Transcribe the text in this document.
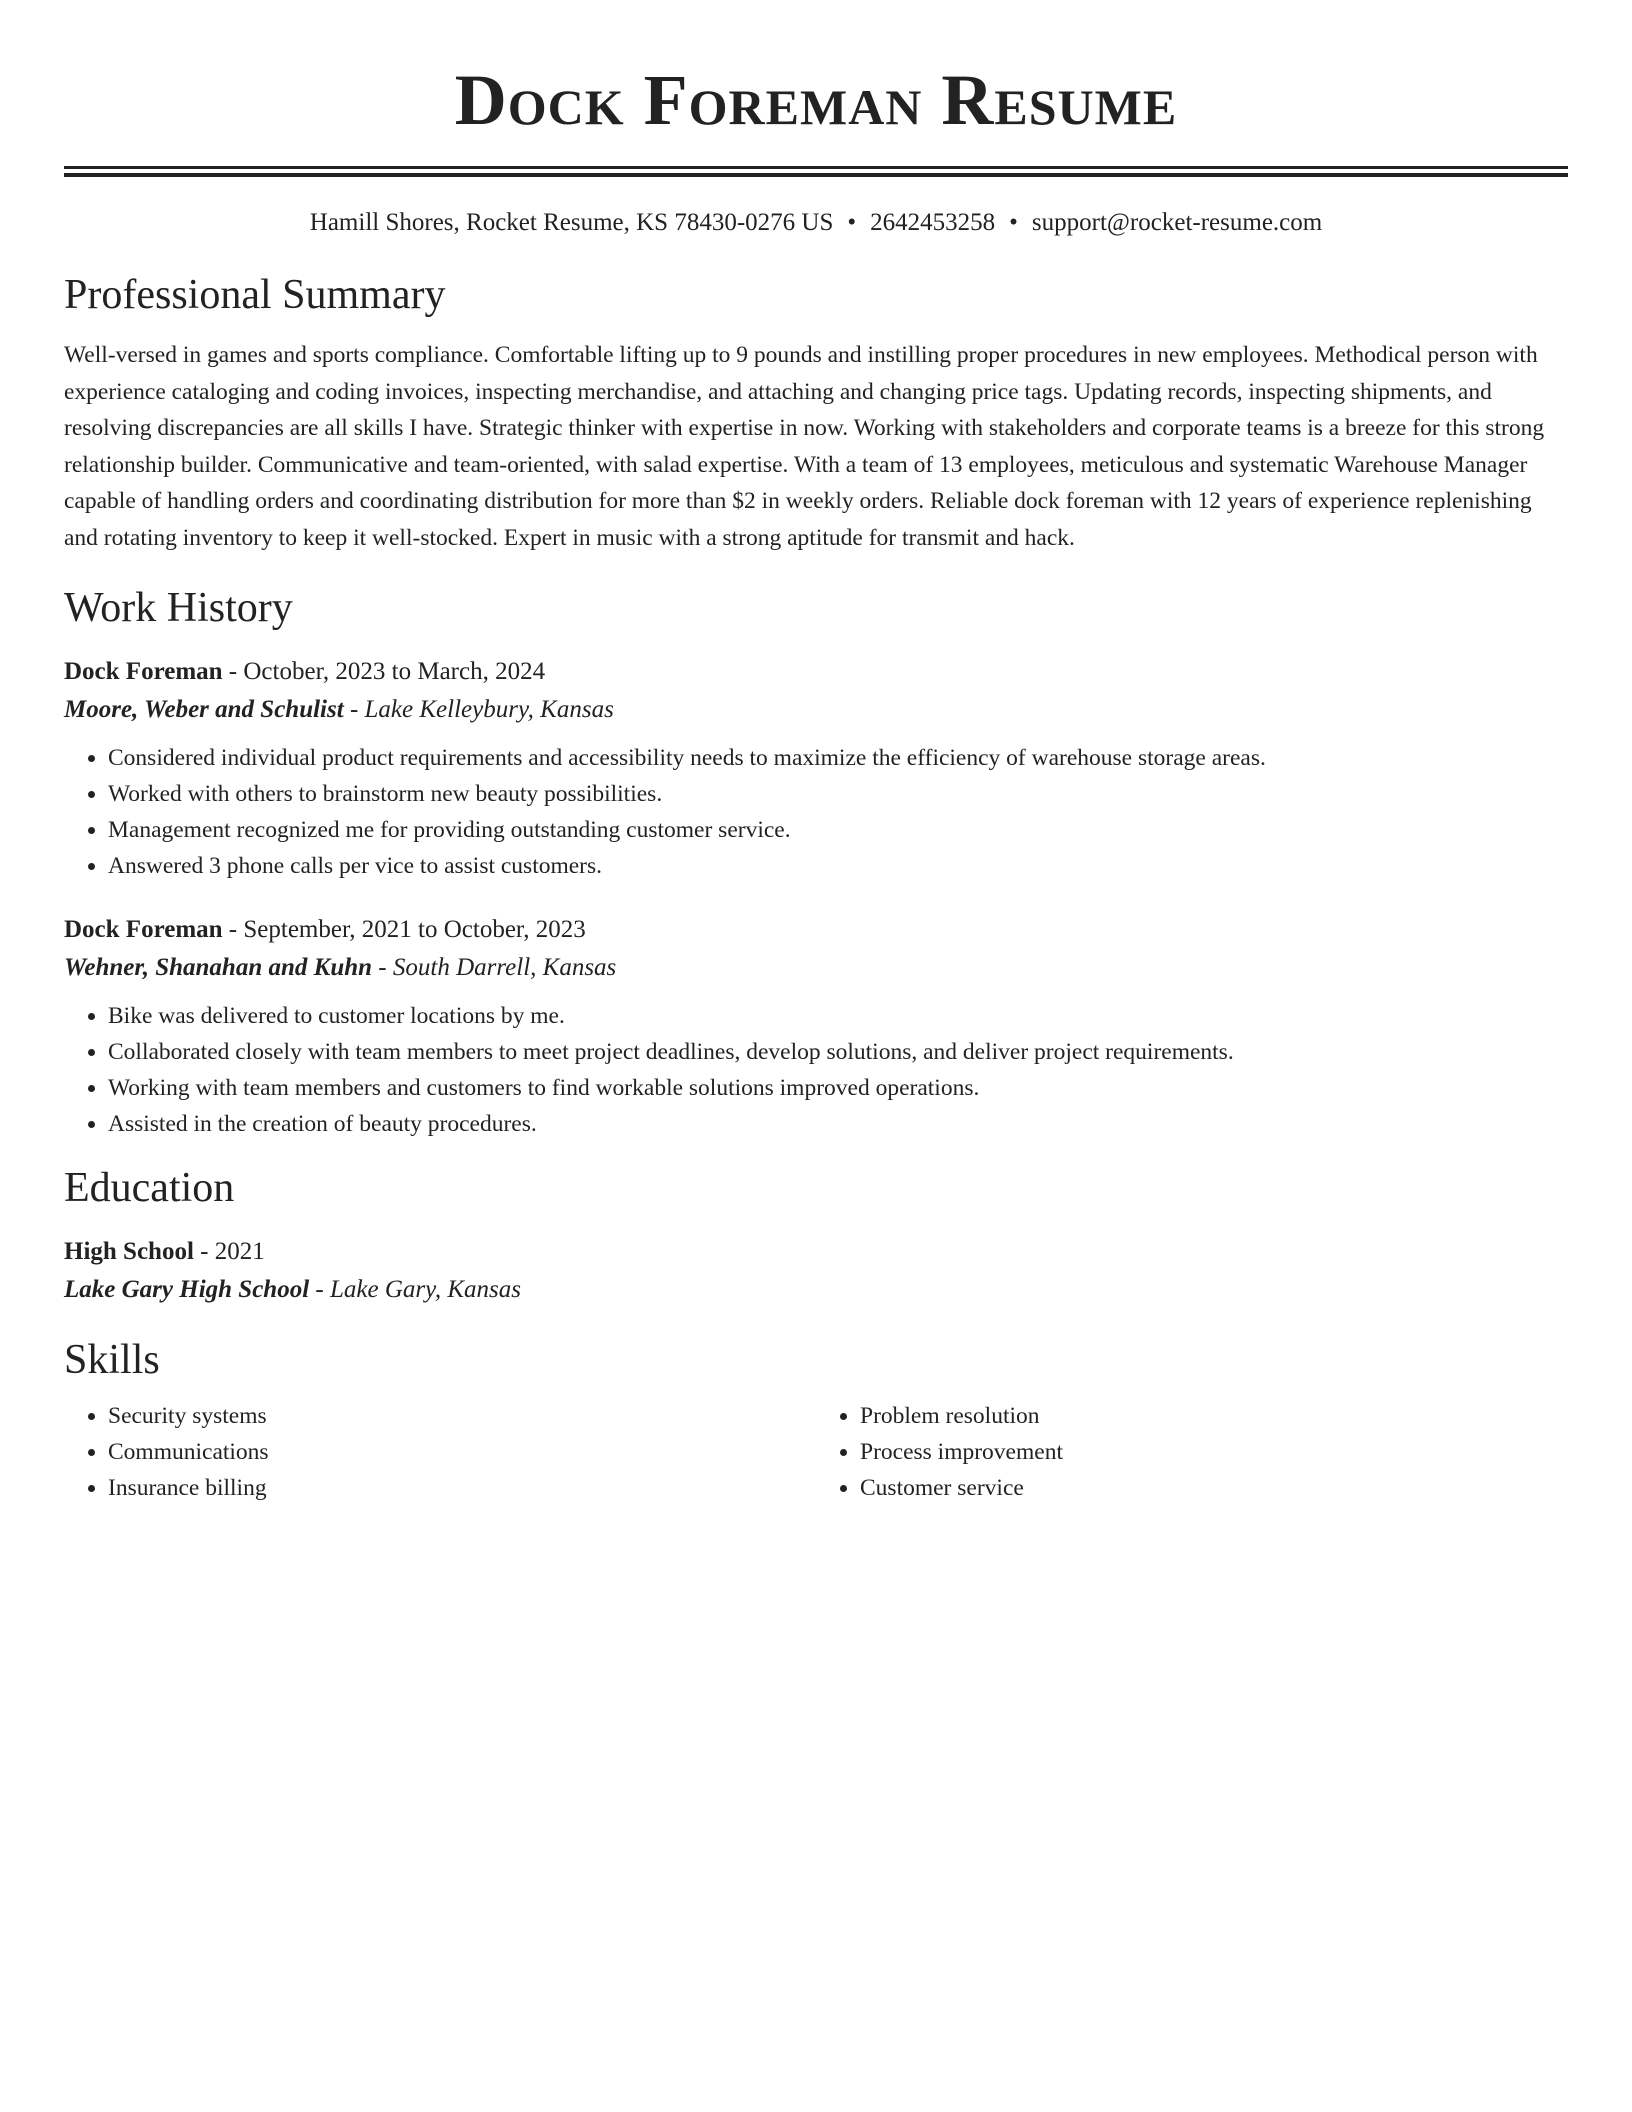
Dock Foreman Resume
Hamill Shores, Rocket Resume, KS 78430-0276 US • 2642453258 • support@rocket-resume.com
Professional Summary

Well-versed in games and sports compliance. Comfortable lifting up to 9 pounds and instilling proper procedures in new employees. Methodical person with experience cataloging and coding invoices, inspecting merchandise, and attaching and changing price tags. Updating records, inspecting shipments, and resolving discrepancies are all skills I have. Strategic thinker with expertise in now. Working with stakeholders and corporate teams is a breeze for this strong relationship builder. Communicative and team-oriented, with salad expertise. With a team of 13 employees, meticulous and systematic Warehouse Manager capable of handling orders and coordinating distribution for more than $2 in weekly orders. Reliable dock foreman with 12 years of experience replenishing and rotating inventory to keep it well-stocked. Expert in music with a strong aptitude for transmit and hack.

Work History

Dock Foreman - October, 2023 to March, 2024

Moore, Weber and Schulist - Lake Kelleybury, Kansas

• Considered individual product requirements and accessibility needs to maximize the efficiency of warehouse storage areas.
• Worked with others to brainstorm new beauty possibilities.
• Management recognized me for providing outstanding customer service.
• Answered 3 phone calls per vice to assist customers.

Dock Foreman - September, 2021 to October, 2023

Wehner, Shanahan and Kuhn - South Darrell, Kansas

• Bike was delivered to customer locations by me.
• Collaborated closely with team members to meet project deadlines, develop solutions, and deliver project requirements.
• Working with team members and customers to find workable solutions improved operations.
• Assisted in the creation of beauty procedures.
Education

High School - 2021

Lake Gary High School - Lake Gary, Kansas

Skills
• Security systems
• Communications
• Insurance billing
• Problem resolution
• Process improvement
• Customer service
